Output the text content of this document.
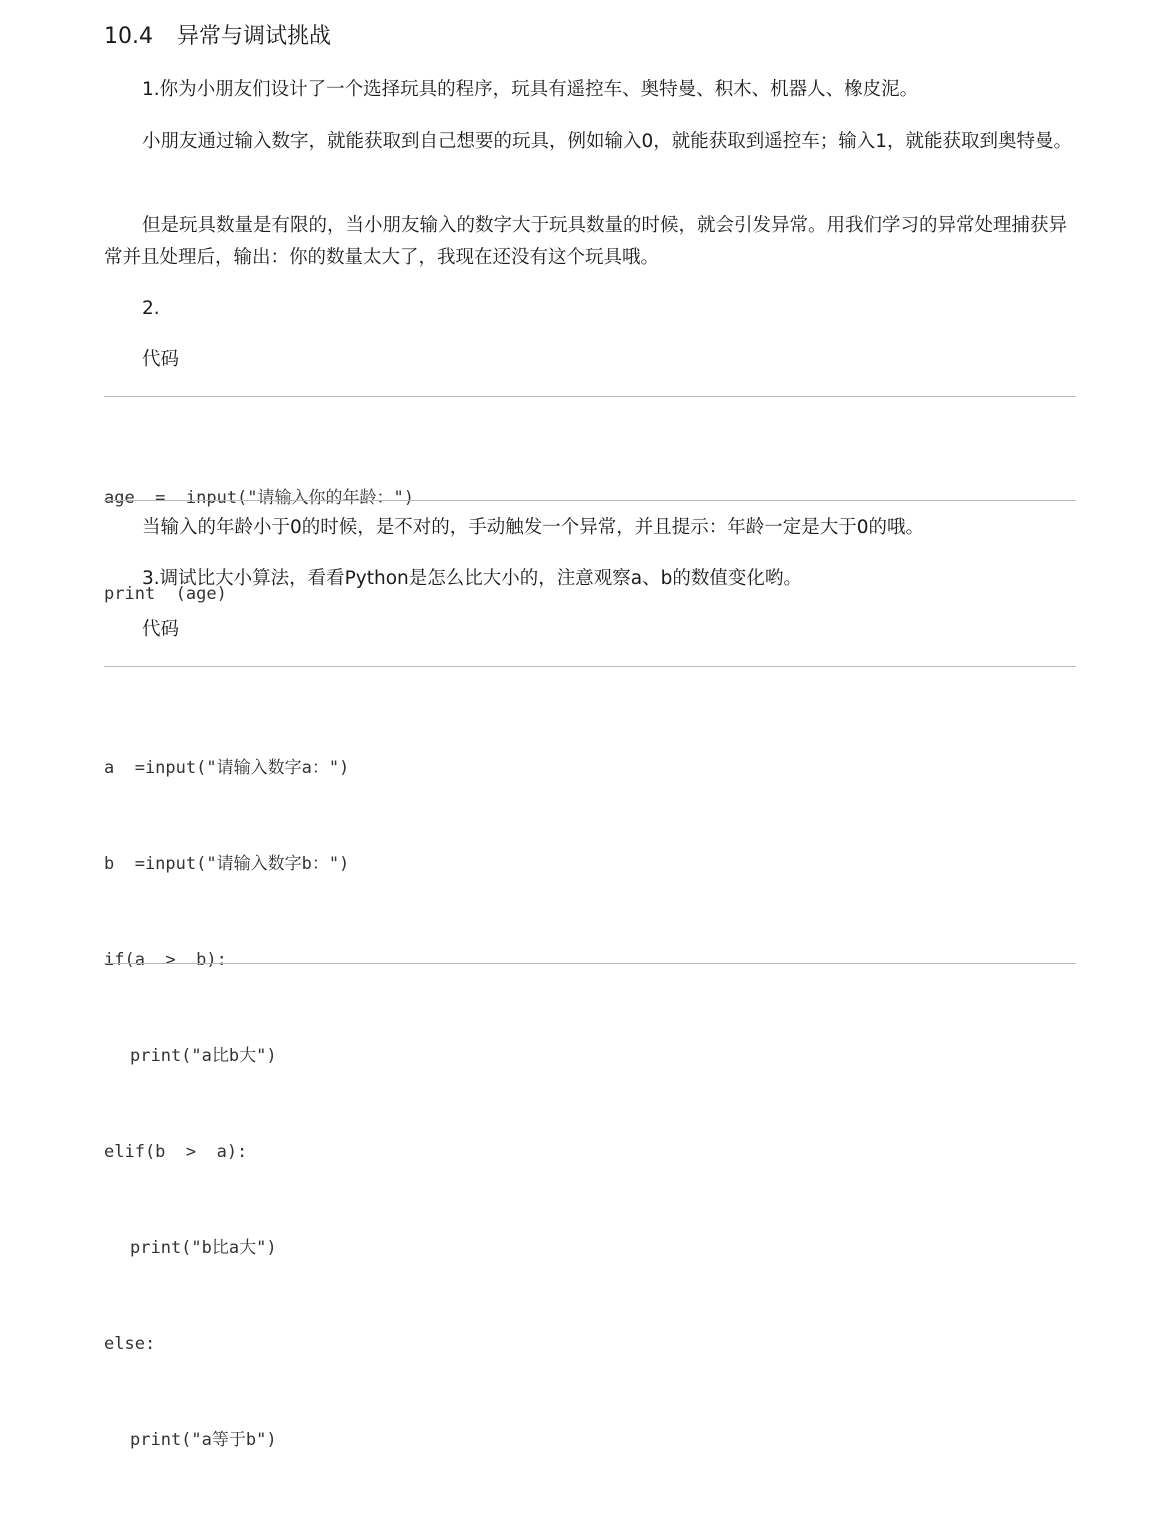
10.4 异常与调试挑战

1.你为小朋友们设计了一个选择玩具的程序，玩具有遥控车、奥特曼、积木、机器人、橡皮泥。

小朋友通过输入数字，就能获取到自己想要的玩具，例如输入0，就能获取到遥控车；输入1，就能获取到奥特曼。

但是玩具数量是有限的，当小朋友输入的数字大于玩具数量的时候，就会引发异常。用我们学习的异常处理捕获异常并且处理后，输出：你的数量太大了，我现在还没有这个玩具哦。

2.

代码

age  =  input("请输入你的年龄：")

print  (age)

当输入的年龄小于0的时候，是不对的，手动触发一个异常，并且提示：年龄一定是大于0的哦。

3.调试比大小算法，看看Python是怎么比大小的，注意观察a、b的数值变化哟。

代码

a  =input("请输入数字a：")

b  =input("请输入数字b：")

if(a  >  b):

print("a比b大")

elif(b  >  a):

print("b比a大")

else:

print("a等于b")
